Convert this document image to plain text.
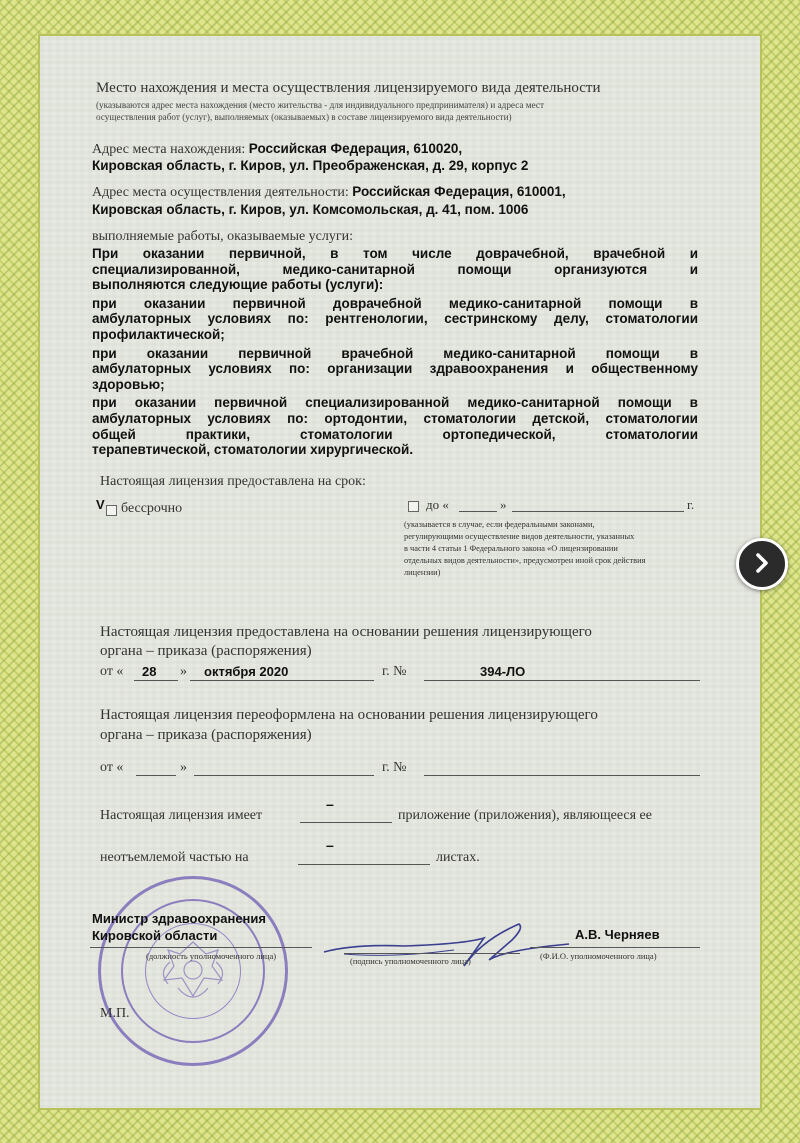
Место нахождения и места осуществления лицензируемого вида деятельности
(указываются адрес места нахождения (место жительства - для индивидуального предпринимателя) и адреса мест
осуществления работ (услуг), выполняемых (оказываемых) в составе лицензируемого вида деятельности)
Адрес места нахождения: Российская Федерация, 610020,
Кировская область, г. Киров, ул. Преображенская, д. 29, корпус 2
Адрес места осуществления деятельности: Российская Федерация, 610001,
Кировская область, г. Киров, ул. Комсомольская, д. 41, пом. 1006
выполняемые работы, оказываемые услуги:
При оказании первичной, в том числе доврачебной, врачебной и
специализированной, медико-санитарной помощи организуются и
выполняются следующие работы (услуги):
при оказании первичной доврачебной медико-санитарной помощи в
амбулаторных условиях по: рентгенологии, сестринскому делу, стоматологии
профилактической;
при оказании первичной врачебной медико-санитарной помощи в
амбулаторных условиях по: организации здравоохранения и общественному
здоровью;
при оказании первичной специализированной медико-санитарной помощи в
амбулаторных условиях по: ортодонтии, стоматологии детской, стоматологии
общей практики, стоматологии ортопедической, стоматологии
терапевтической, стоматологии хирургической.
Настоящая лицензия предоставлена на срок:
V бессрочно	до «	»	г.
(указывается в случае, если федеральными законами,
регулирующими осуществление видов деятельности, указанных
в части 4 статьи 1 Федерального закона «О лицензировании
отдельных видов деятельности», предусмотрен иной срок действия
лицензии)
Настоящая лицензия предоставлена на основании решения лицензирующего
органа – приказа (распоряжения)
от « 28 » октября 2020	г. №	394-ЛО
Настоящая лицензия переоформлена на основании решения лицензирующего
органа – приказа (распоряжения)
от «	»	г. №
Настоящая лицензия имеет
–
приложение (приложения), являющееся ее
неотъемлемой частью на
–
листах.
Министр здравоохранения
Кировской области
(должность уполномоченного лица)	(подпись уполномоченного лица)
А.В. Черняев
(Ф.И.О. уполномоченного лица)
М.П.
